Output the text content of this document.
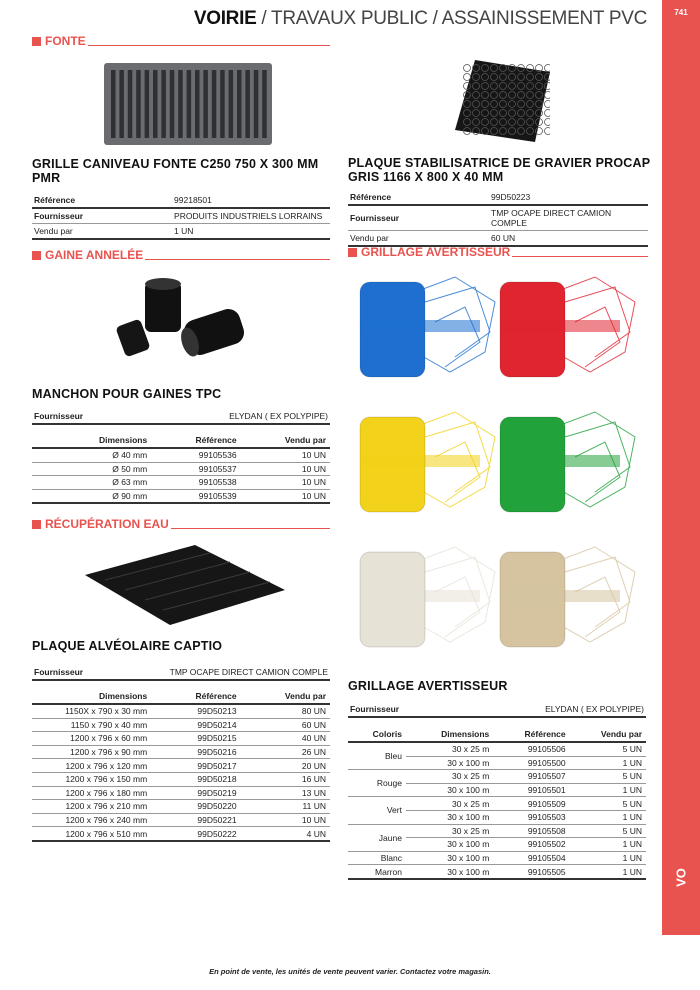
741
VO
VOIRIE / TRAVAUX PUBLIC / ASSAINISSEMENT PVC
FONTE
GRILLE CANIVEAU FONTE C250 750 X 300 MM PMR
Référence	99218501
Fournisseur	PRODUITS INDUSTRIELS LORRAINS
Vendu par	1 UN
GAINE ANNELÉE
MANCHON POUR GAINES TPC
Fournisseur	ELYDAN ( EX POLYPIPE)
Dimensions	Référence	Vendu par
Ø 40 mm	99105536	10 UN
Ø 50 mm	99105537	10 UN
Ø 63 mm	99105538	10 UN
Ø 90 mm	99105539	10 UN
RÉCUPÉRATION EAU
PLAQUE ALVÉOLAIRE CAPTIO
Fournisseur	TMP OCAPE DIRECT CAMION COMPLE
Dimensions	Référence	Vendu par
1150X x 790 x 30 mm	99D50213	80 UN
1150 x 790 x 40 mm	99D50214	60 UN
1200 x 796 x 60 mm	99D50215	40 UN
1200 x 796 x 90 mm	99D50216	26 UN
1200 x 796 x 120 mm	99D50217	20 UN
1200 x 796 x 150 mm	99D50218	16 UN
1200 x 796 x 180 mm	99D50219	13 UN
1200 x 796 x 210 mm	99D50220	11 UN
1200 x 796 x 240 mm	99D50221	10 UN
1200 x 796 x 510 mm	99D50222	4 UN
PLAQUE STABILISATRICE DE GRAVIER PROCAP GRIS 1166 X 800 X 40 MM
Référence	99D50223
Fournisseur	TMP OCAPE DIRECT CAMION COMPLE
Vendu par	60 UN
GRILLAGE AVERTISSEUR
GRILLAGE AVERTISSEUR
Fournisseur	ELYDAN ( EX POLYPIPE)
Coloris	Dimensions	Référence	Vendu par
Bleu	30 x 25 m	99105506	5 UN
	30 x 100 m	99105500	1 UN
Rouge	30 x 25 m	99105507	5 UN
	30 x 100 m	99105501	1 UN
Vert	30 x 25 m	99105509	5 UN
	30 x 100 m	99105503	1 UN
Jaune	30 x 25 m	99105508	5 UN
	30 x 100 m	99105502	1 UN
Blanc	30 x 100 m	99105504	1 UN
Marron	30 x 100 m	99105505	1 UN
En point de vente, les unités de vente peuvent varier. Contactez votre magasin.
